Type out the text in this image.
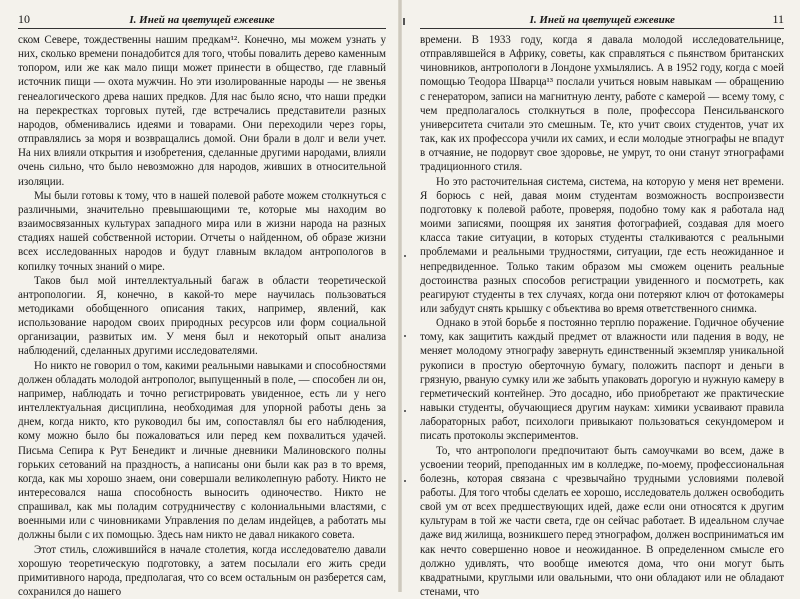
10	I. Иней на цветущей ежевике

ском Севере, тождественны нашим предкам¹². Конечно, мы можем узнать у них, сколько времени понадобится для того, чтобы повалить дерево каменным топором, или же как мало пищи может принести в общество, где главный источник пищи — охота мужчин. Но эти изолированные народы — не звенья генеалогического древа наших предков. Для нас было ясно, что наши предки на перекрестках торговых путей, где встречались представители разных народов, обменивались идеями и товарами. Они переходили через горы, отправлялись за моря и возвращались домой. Они брали в долг и вели учет. На них влияли открытия и изобретения, сделанные другими народами, влияли очень сильно, что было невозможно для народов, живших в относительной изоляции.

Мы были готовы к тому, что в нашей полевой работе можем столкнуться с различными, значительно превышающими те, которые мы находим во взаимосвязанных культурах западного мира или в жизни народа на разных стадиях нашей собственной истории. Отчеты о найденном, об образе жизни всех исследованных народов и будут главным вкладом антропологов в копилку точных знаний о мире.

Таков был мой интеллектуальный багаж в области теоретической антропологии. Я, конечно, в какой-то мере научилась пользоваться методиками обобщенного описания таких, например, явлений, как использование народом своих природных ресурсов или форм социальной организации, развитых им. У меня был и некоторый опыт анализа наблюдений, сделанных другими исследователями.

Но никто не говорил о том, какими реальными навыками и способностями должен обладать молодой антрополог, выпущенный в поле, — способен ли он, например, наблюдать и точно регистрировать увиденное, есть ли у него интеллектуальная дисциплина, необходимая для упорной работы день за днем, когда никто, кто руководил бы им, сопоставлял бы его наблюдения, кому можно было бы пожаловаться или перед кем похвалиться удачей. Письма Сепира к Рут Бенедикт и личные дневники Малиновского полны горьких сетований на праздность, а написаны они были как раз в то время, когда, как мы хорошо знаем, они совершали великолепную работу. Никто не интересовался наша способность выносить одиночество. Никто не спрашивал, как мы поладим сотрудничеству с колониальными властями, с военными или с чиновниками Управления по делам индейцев, а работать мы должны были с их помощью. Здесь нам никто не давал никакого совета.

Этот стиль, сложившийся в начале столетия, когда исследователю давали хорошую теоретическую подготовку, а затем посылали его жить среди примитивного народа, предполагая, что со всем остальным он разберется сам, сохранился до нашего

I. Иней на цветущей ежевике	11

времени. В 1933 году, когда я давала молодой исследовательнице, отправлявшейся в Африку, советы, как справляться с пьянством британских чиновников, антропологи в Лондоне ухмылялись. А в 1952 году, когда с моей помощью Теодора Шварца¹³ послали учиться новым навыкам — обращению с генератором, записи на магнитную ленту, работе с камерой — всему тому, с чем предполагалось столкнуться в поле, профессора Пенсильванского университета считали это смешным. Те, кто учит своих студентов, учат их так, как их профессора учили их самих, и если молодые этнографы не впадут в отчаяние, не подорвут свое здоровье, не умрут, то они станут этнографами традиционного стиля.

Но это расточительная система, система, на которую у меня нет времени. Я борюсь с ней, давая моим студентам возможность воспроизвести подготовку к полевой работе, проверяя, подобно тому как я работала над моими записями, поощряя их занятия фотографией, создавая для моего класса такие ситуации, в которых студенты сталкиваются с реальными проблемами и реальными трудностями, ситуации, где есть неожиданное и непредвиденное. Только таким образом мы сможем оценить реальные достоинства разных способов регистрации увиденного и посмотреть, как реагируют студенты в тех случаях, когда они потеряют ключ от фотокамеры или забудут снять крышку с объектива во время ответственного снимка.

Однако в этой борьбе я постоянно терплю поражение. Годичное обучение тому, как защитить каждый предмет от влажности или падения в воду, не меняет молодому этнографу завернуть единственный экземпляр уникальной рукописи в простую оберточную бумагу, положить паспорт и деньги в грязную, рваную сумку или же забыть упаковать дорогую и нужную камеру в герметический контейнер. Это досадно, ибо приобретают же практические навыки студенты, обучающиеся другим наукам: химики усваивают правила лабораторных работ, психологи привыкают пользоваться секундомером и писать протоколы экспериментов.

То, что антропологи предпочитают быть самоучками во всем, даже в усвоении теорий, преподанных им в колледже, по-моему, профессиональная болезнь, которая связана с чрезвычайно трудными условиями полевой работы. Для того чтобы сделать ее хорошо, исследователь должен освободить свой ум от всех предшествующих идей, даже если они относятся к другим культурам в той же части света, где он сейчас работает. В идеальном случае даже вид жилища, возникшего перед этнографом, должен восприниматься им как нечто совершенно новое и неожиданное. В определенном смысле его должно удивлять, что вообще имеются дома, что они могут быть квадратными, круглыми или овальными, что они обладают или не обладают стенами, что
